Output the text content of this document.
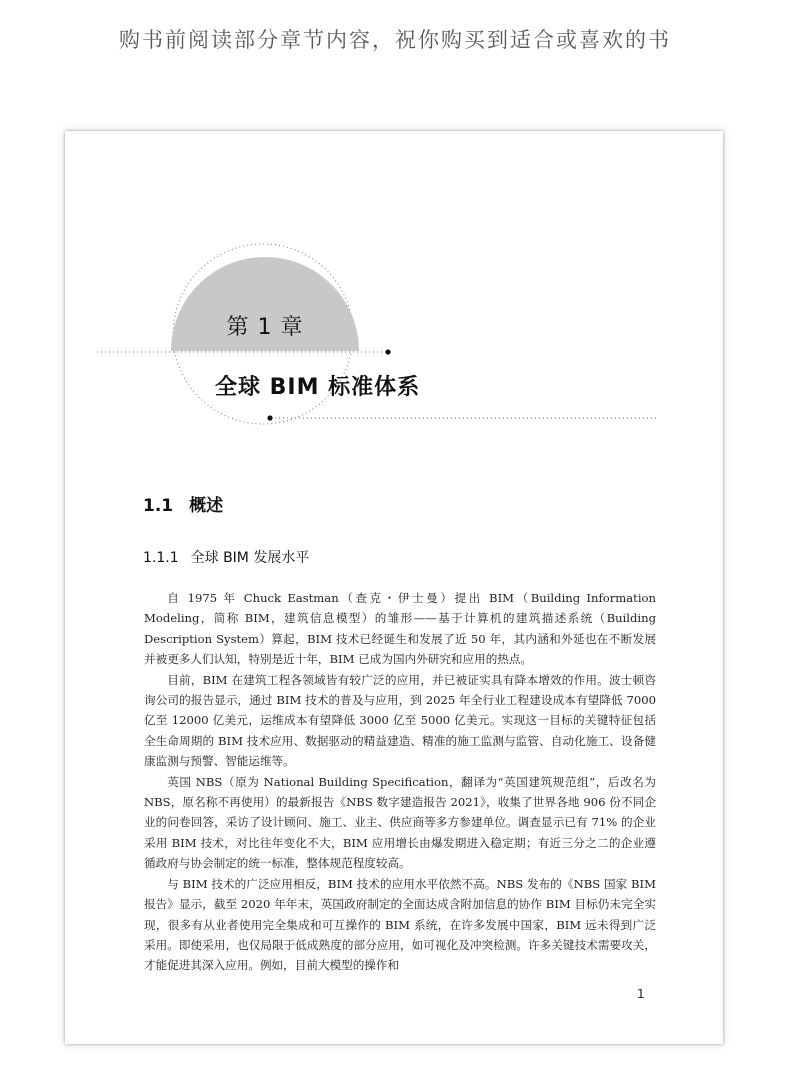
购书前阅读部分章节内容，祝你购买到适合或喜欢的书
第 1 章
全球 BIM 标准体系
1.1 概述
1.1.1 全球 BIM 发展水平

自 1975 年 Chuck Eastman（查克・伊士曼）提出 BIM（Building Information Modeling，简称 BIM，建筑信息模型）的雏形——基于计算机的建筑描述系统（Building Description System）算起，BIM 技术已经诞生和发展了近 50 年，其内涵和外延也在不断发展并被更多人们认知，特别是近十年，BIM 已成为国内外研究和应用的热点。

目前，BIM 在建筑工程各领域皆有较广泛的应用，并已被证实具有降本增效的作用。波士顿咨询公司的报告显示，通过 BIM 技术的普及与应用，到 2025 年全行业工程建设成本有望降低 7000 亿至 12000 亿美元，运维成本有望降低 3000 亿至 5000 亿美元。实现这一目标的关键特征包括全生命周期的 BIM 技术应用、数据驱动的精益建造、精准的施工监测与监管、自动化施工、设备健康监测与预警、智能运维等。

英国 NBS（原为 National Building Specification，翻译为“英国建筑规范组”，后改名为 NBS，原名称不再使用）的最新报告《NBS 数字建造报告 2021》，收集了世界各地 906 份不同企业的问卷回答，采访了设计顾问、施工、业主、供应商等多方参建单位。调查显示已有 71% 的企业采用 BIM 技术，对比往年变化不大，BIM 应用增长由爆发期进入稳定期；有近三分之二的企业遵循政府与协会制定的统一标准，整体规范程度较高。

与 BIM 技术的广泛应用相反，BIM 技术的应用水平依然不高。NBS 发布的《NBS 国家 BIM 报告》显示，截至 2020 年年末，英国政府制定的全面达成含附加信息的协作 BIM 目标仍未完全实现，很多有从业者使用完全集成和可互操作的 BIM 系统，在许多发展中国家，BIM 远未得到广泛采用。即使采用，也仅局限于低成熟度的部分应用，如可视化及冲突检测。许多关键技术需要攻关，才能促进其深入应用。例如，目前大模型的操作和

1
